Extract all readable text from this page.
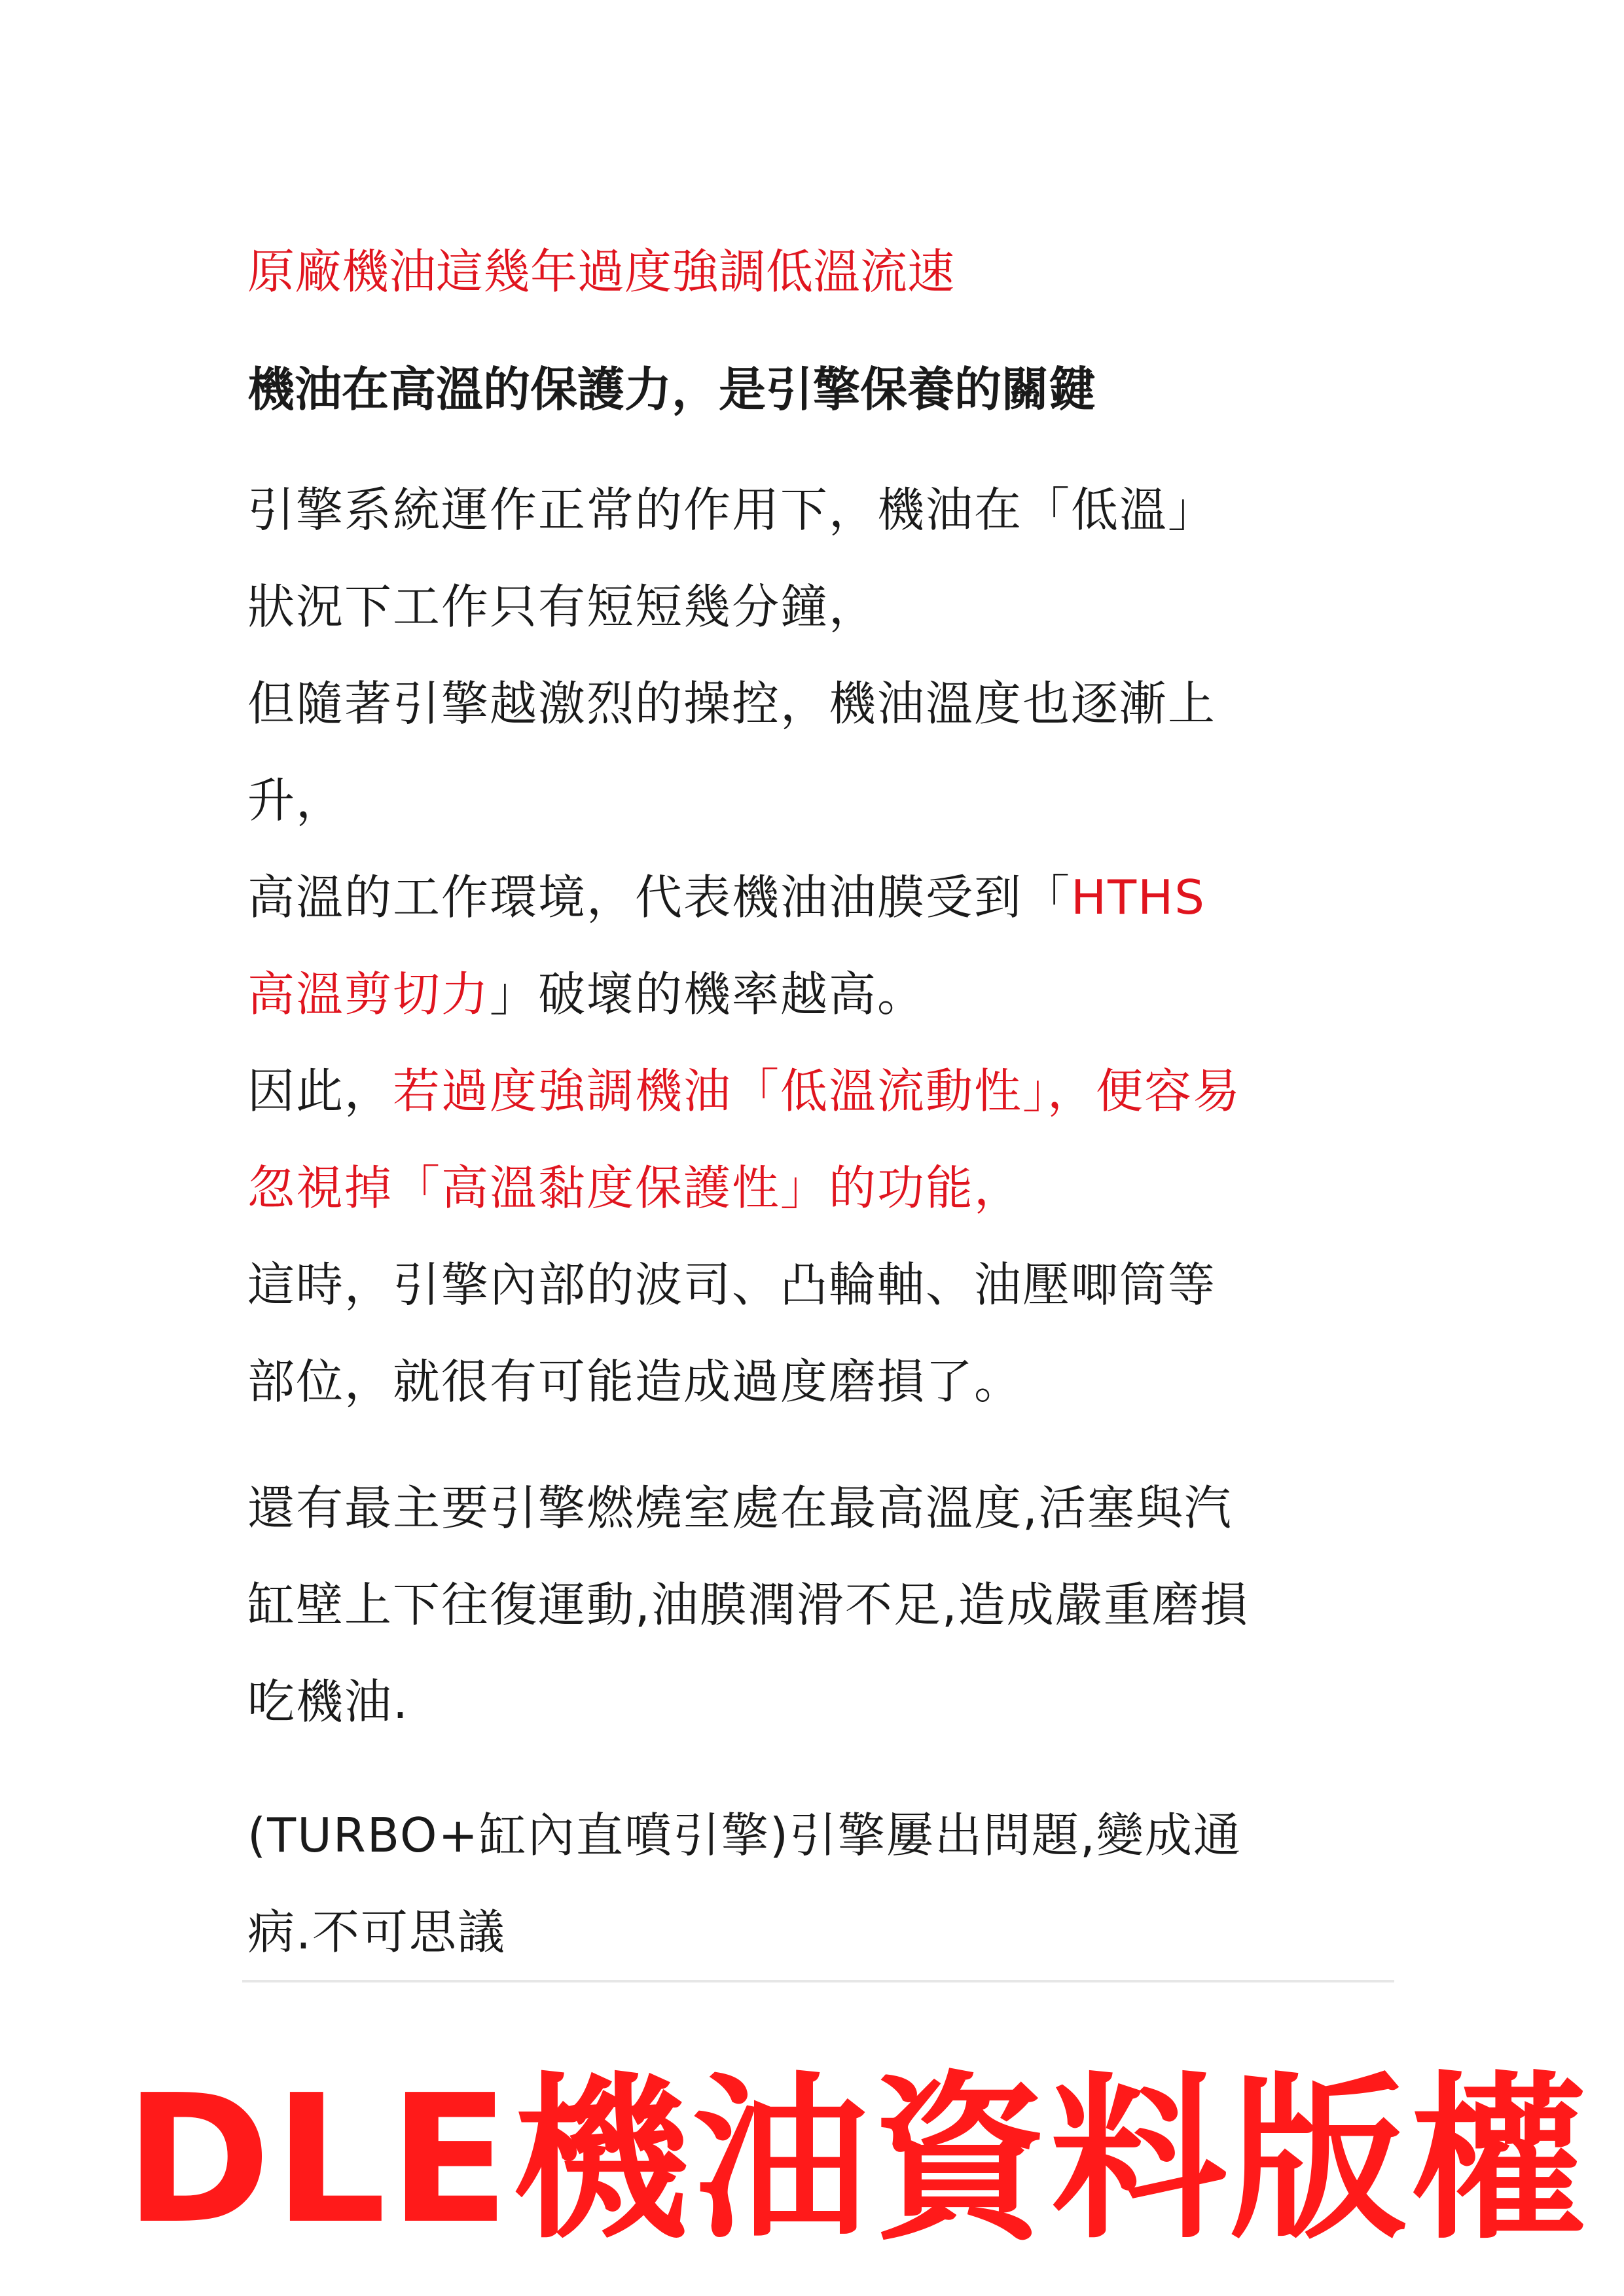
原廠機油這幾年過度強調低溫流速
機油在高溫的保護力，是引擎保養的關鍵
引擎系統運作正常的作用下，機油在「低溫」
狀況下工作只有短短幾分鐘，
但隨著引擎越激烈的操控，機油溫度也逐漸上
升，
高溫的工作環境，代表機油油膜受到「HTHS
高溫剪切力」破壞的機率越高。
因此，若過度強調機油「低溫流動性」，便容易
忽視掉「高溫黏度保護性」的功能，
這時，引擎內部的波司、凸輪軸、油壓唧筒等
部位，就很有可能造成過度磨損了。
還有最主要引擎燃燒室處在最高溫度,活塞與汽
缸壁上下往復運動,油膜潤滑不足,造成嚴重磨損
吃機油.
(TURBO+缸內直噴引擎)引擎屢出問題,變成通
病.不可思議
DLE機油資料版權
